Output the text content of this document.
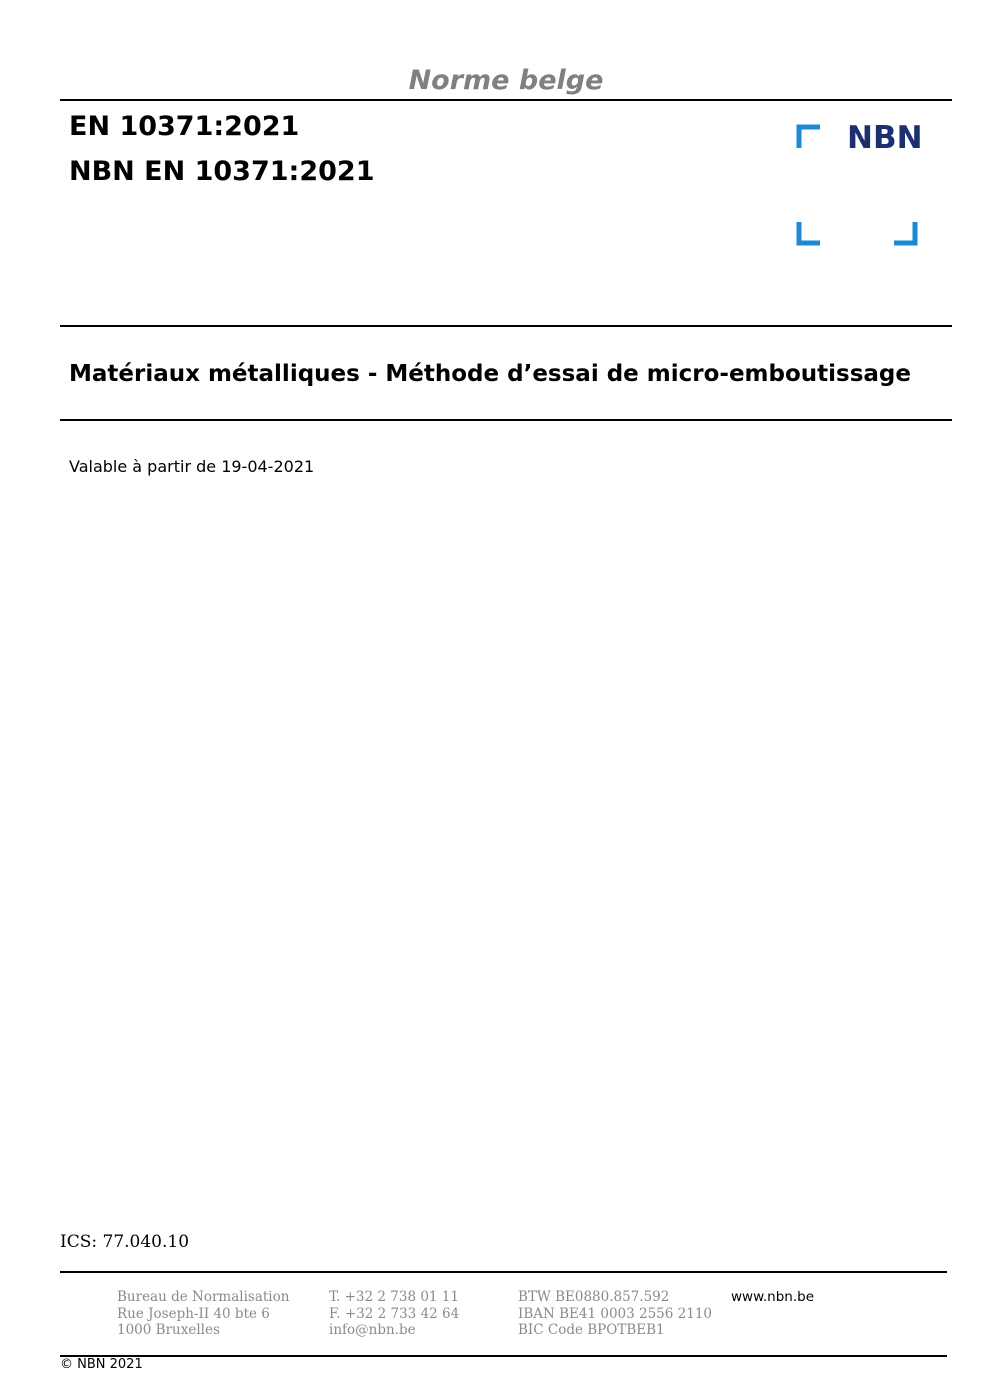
Norme belge
EN 10371:2021
NBN EN 10371:2021
NBN
Matériaux métalliques - Méthode d’essai de micro-emboutissage
Valable à partir de 19-04-2021
ICS: 77.040.10
Bureau de Normalisation
Rue Joseph-II 40 bte 6
1000 Bruxelles
T. +32 2 738 01 11
F. +32 2 733 42 64
info@nbn.be
BTW BE0880.857.592
IBAN BE41 0003 2556 2110
BIC Code BPOTBEB1
www.nbn.be
© NBN 2021
